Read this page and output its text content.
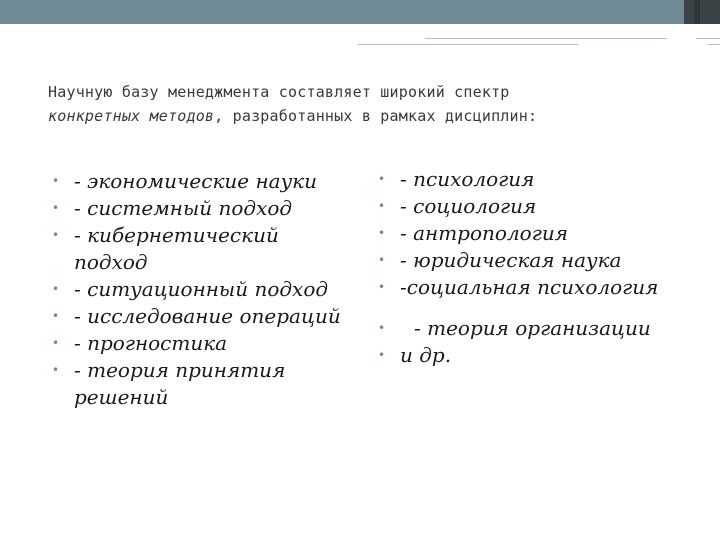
Научную базу менеджмента составляет широкий спектр
конкретных методов, разработанных в рамках дисциплин:
• - экономические науки
• - системный подход
• - кибернетический подход
• - ситуационный подход
• - исследование операций
• - прогностика
• - теория принятия решений
• - психология
• - социология
• - антропология
• - юридическая наука
• -социальная психология
• - теория организации
• и др.
